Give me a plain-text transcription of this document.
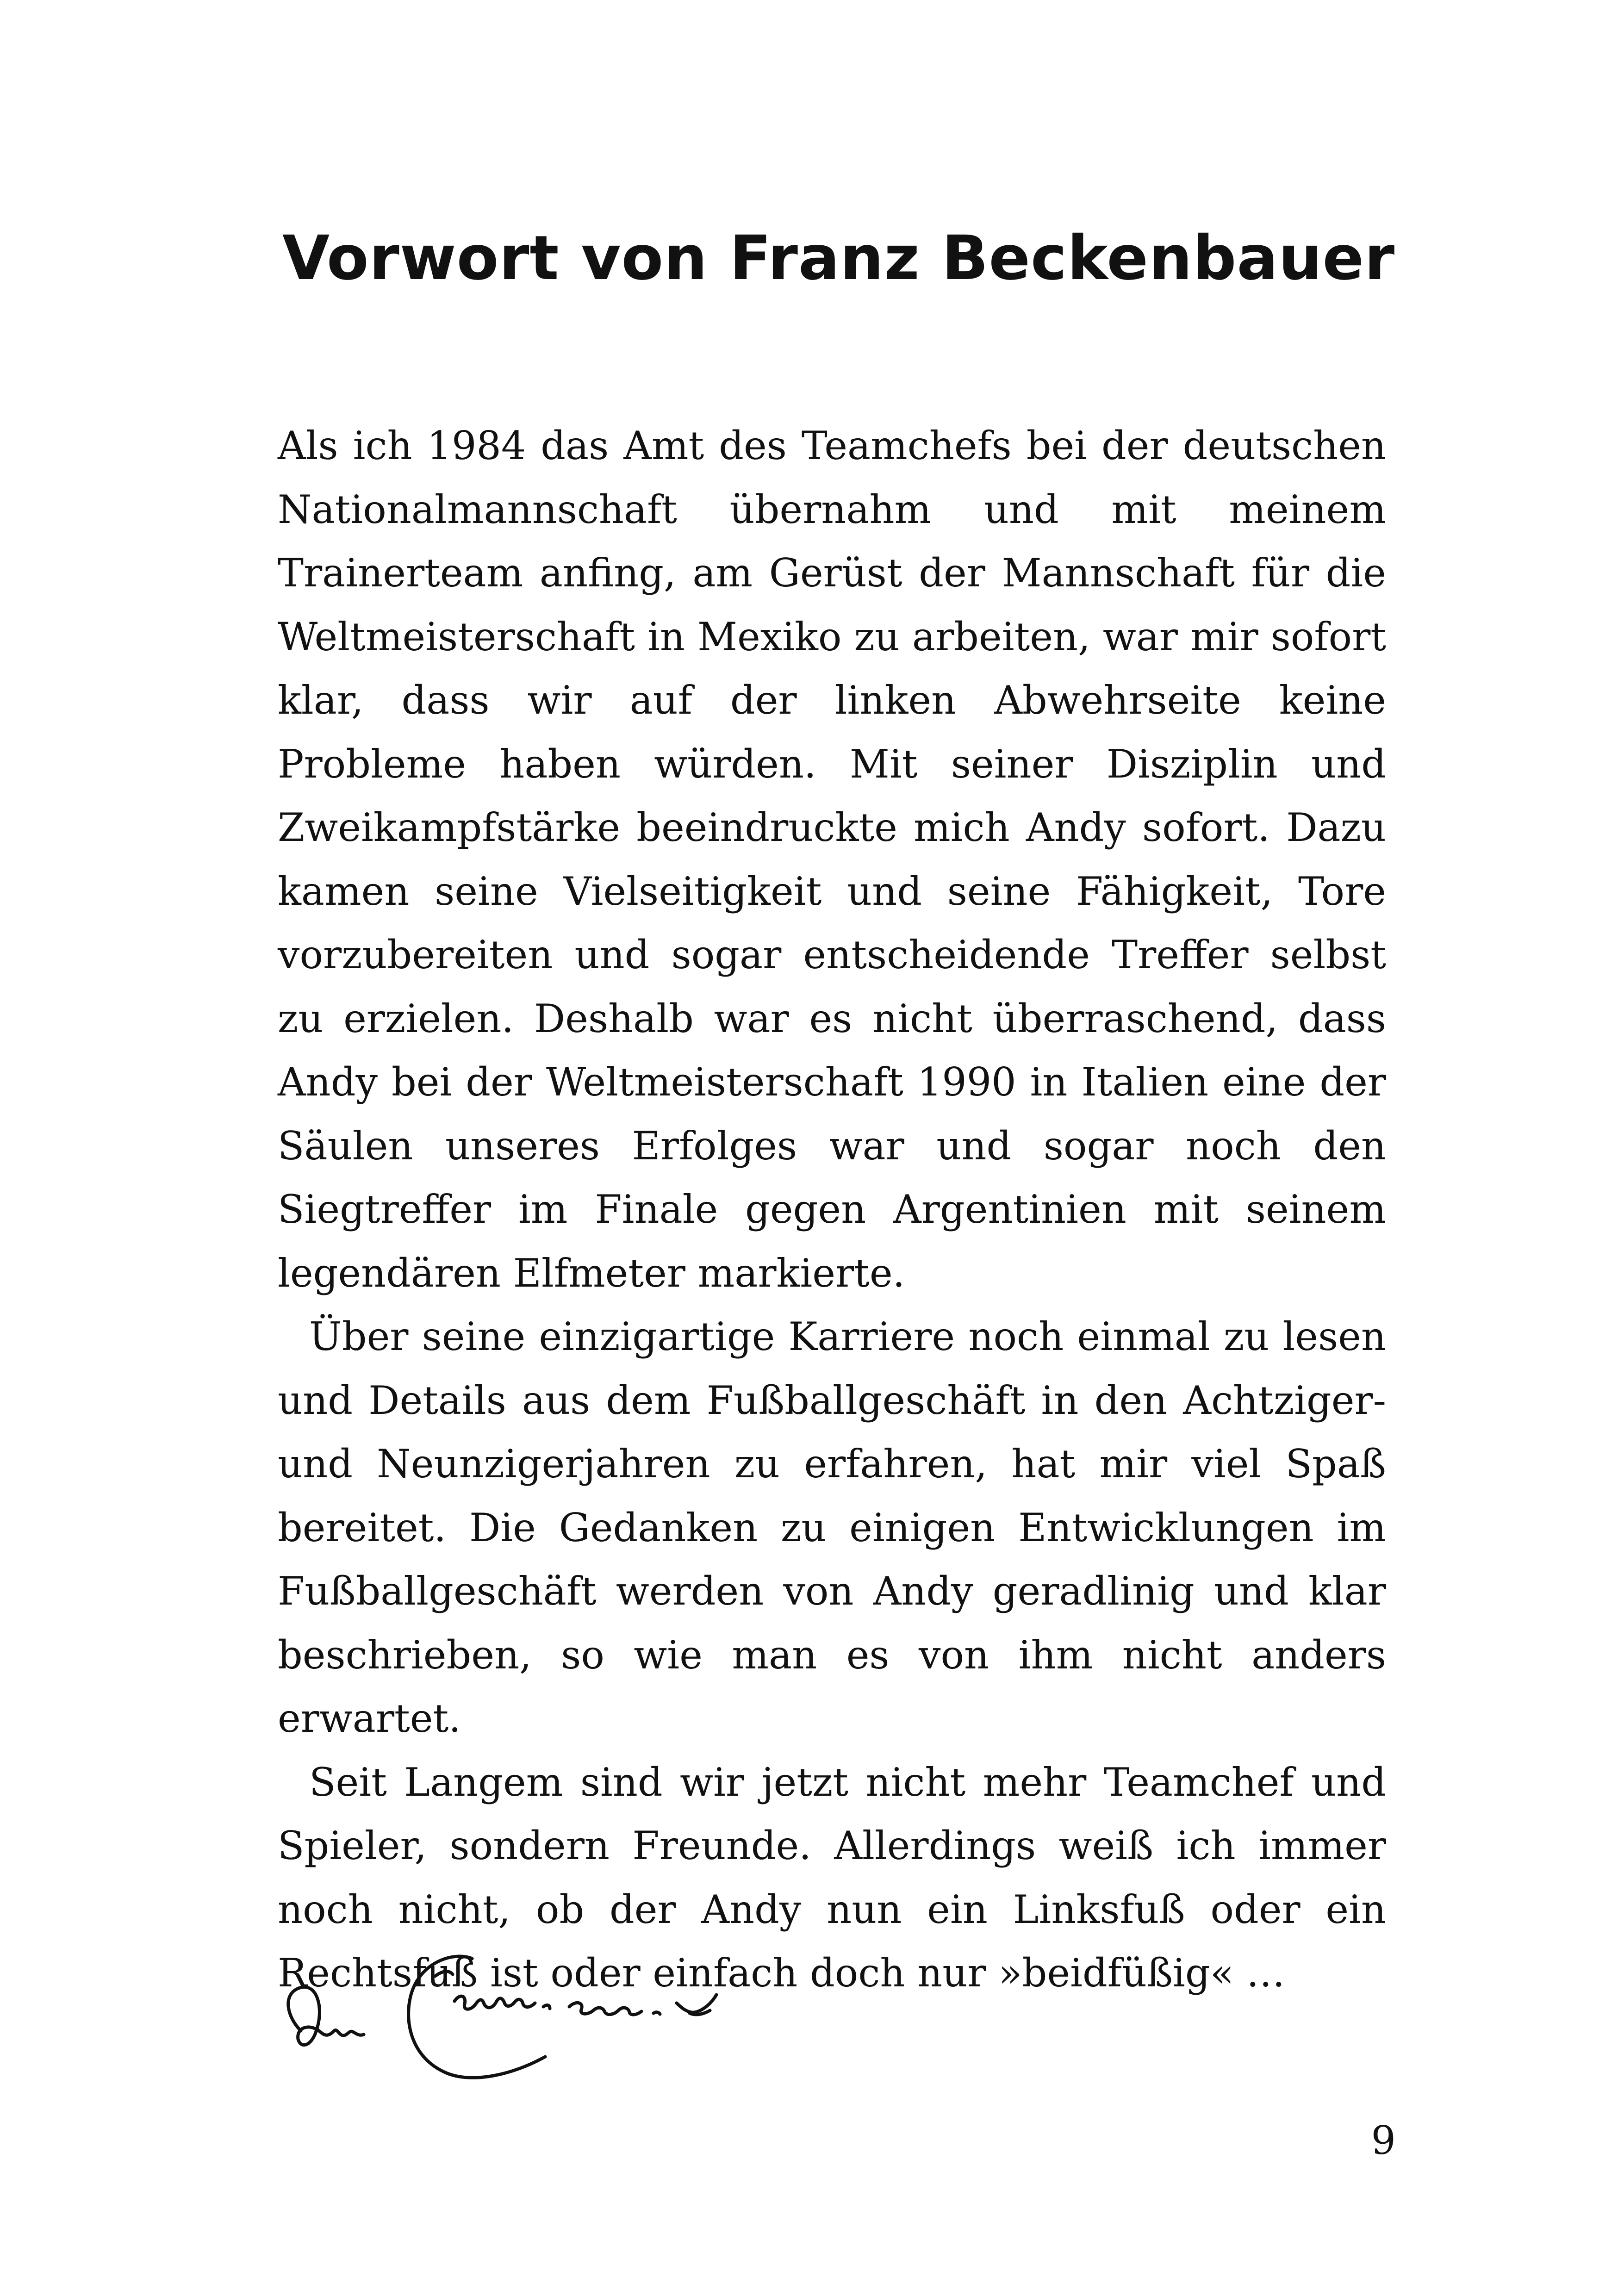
Vorwort von Franz Beckenbauer

Als ich 1984 das Amt des Teamchefs bei der deutschen Nationalmannschaft übernahm und mit meinem Trainerteam anfing, am Gerüst der Mannschaft für die Weltmeisterschaft in Mexiko zu arbeiten, war mir sofort klar, dass wir auf der linken Abwehrseite keine Probleme haben würden. Mit seiner Disziplin und Zweikampfstärke beeindruckte mich Andy sofort. Dazu kamen seine Vielseitigkeit und seine Fähigkeit, Tore vorzubereiten und sogar entscheidende Treffer selbst zu erzielen. Deshalb war es nicht überraschend, dass Andy bei der Weltmeisterschaft 1990 in Italien eine der Säulen unseres Erfolges war und sogar noch den Siegtreffer im Finale gegen Argentinien mit seinem legendären Elfmeter markierte.

Über seine einzigartige Karriere noch einmal zu lesen und Details aus dem Fußballgeschäft in den Achtziger- und Neunzigerjahren zu erfahren, hat mir viel Spaß bereitet. Die Gedanken zu einigen Entwicklungen im Fußballgeschäft werden von Andy geradlinig und klar beschrieben, so wie man es von ihm nicht anders erwartet.

Seit Langem sind wir jetzt nicht mehr Teamchef und Spieler, sondern Freunde. Allerdings weiß ich immer noch nicht, ob der Andy nun ein Linksfuß oder ein Rechtsfuß ist oder einfach doch nur »beidfüßig« …

9
